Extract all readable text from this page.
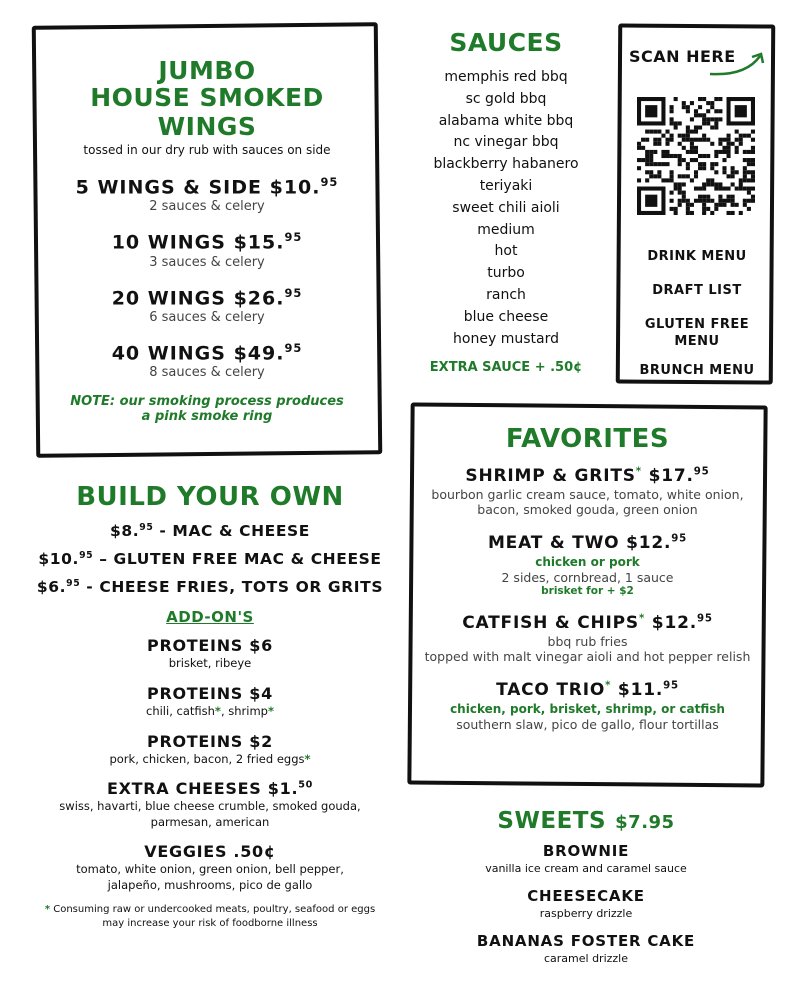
JUMBO
HOUSE SMOKED WINGS
tossed in our dry rub with sauces on side
5 WINGS & SIDE $10.95
2 sauces & celery
10 WINGS $15.95
3 sauces & celery
20 WINGS $26.95
6 sauces & celery
40 WINGS $49.95
8 sauces & celery
NOTE: our smoking process produces
a pink smoke ring
SAUCES
memphis red bbq
sc gold bbq
alabama white bbq
nc vinegar bbq
blackberry habanero
teriyaki
sweet chili aioli
medium
hot
turbo
ranch
blue cheese
honey mustard
EXTRA SAUCE + .50¢
SCAN HERE
DRINK MENU
DRAFT LIST
GLUTEN FREE
MENU
BRUNCH MENU
FAVORITES
SHRIMP & GRITS* $17.95
bourbon garlic cream sauce, tomato, white onion,
bacon, smoked gouda, green onion
MEAT & TWO $12.95
chicken or pork
2 sides, cornbread, 1 sauce
brisket for + $2
CATFISH & CHIPS* $12.95
bbq rub fries
topped with malt vinegar aioli and hot pepper relish
TACO TRIO* $11.95
chicken, pork, brisket, shrimp, or catfish
southern slaw, pico de gallo, flour tortillas
BUILD YOUR OWN
$8.95 - MAC & CHEESE
$10.95 – GLUTEN FREE MAC & CHEESE
$6.95 - CHEESE FRIES, TOTS OR GRITS
ADD-ON'S
PROTEINS $6
brisket, ribeye
PROTEINS $4
chili, catfish*, shrimp*
PROTEINS $2
pork, chicken, bacon, 2 fried eggs*
EXTRA CHEESES $1.50
swiss, havarti, blue cheese crumble, smoked gouda,
parmesan, american
VEGGIES .50¢
tomato, white onion, green onion, bell pepper,
jalapeño, mushrooms, pico de gallo
* Consuming raw or undercooked meats, poultry, seafood or eggs
may increase your risk of foodborne illness
SWEETS $7.95
BROWNIE
vanilla ice cream and caramel sauce
CHEESECAKE
raspberry drizzle
BANANAS FOSTER CAKE
caramel drizzle
